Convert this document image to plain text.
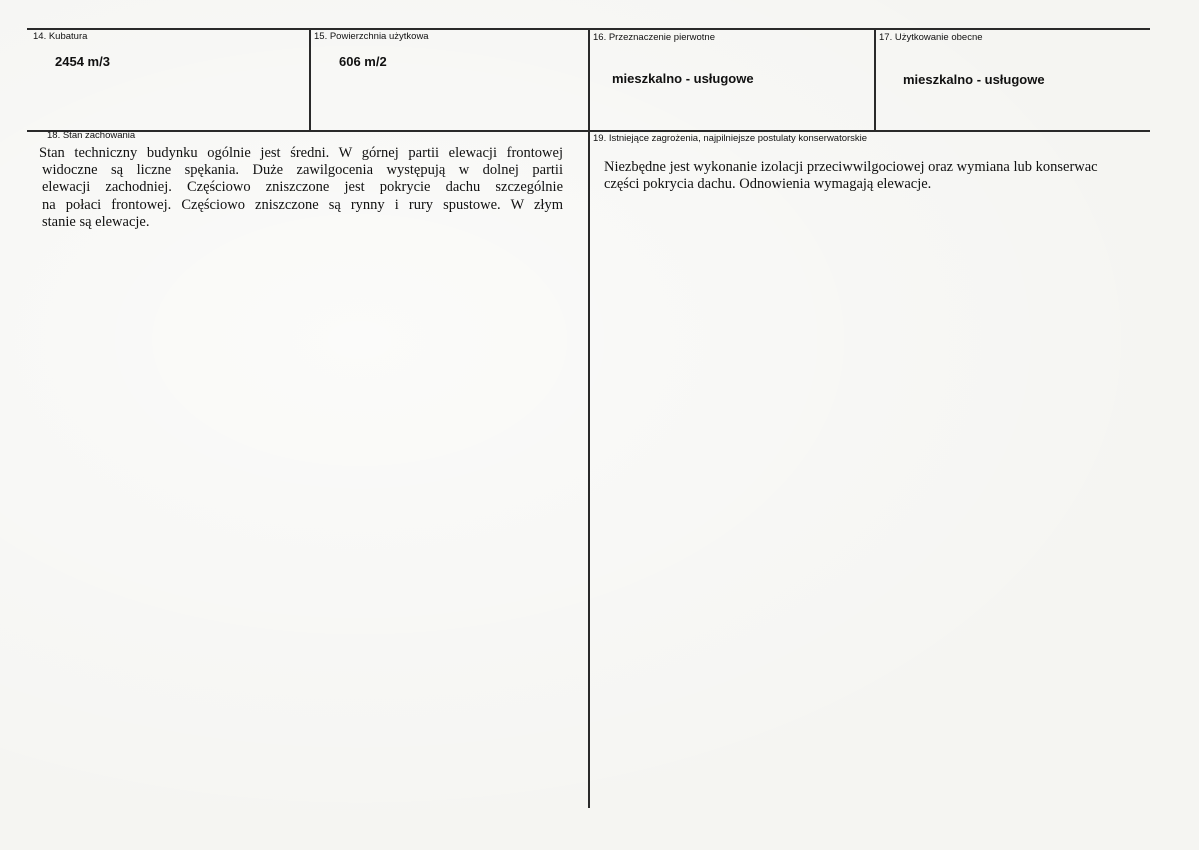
14. Kubatura
2454 m/3
15. Powierzchnia użytkowa
606 m/2
16. Przeznaczenie pierwotne
mieszkalno - usługowe
17. Użytkowanie obecne
mieszkalno - usługowe
18. Stan zachowania
Stan techniczny budynku ogólnie jest średni. W górnej partii elewacji frontowej
widoczne są liczne spękania. Duże zawilgocenia występują w dolnej partii
elewacji zachodniej. Częściowo zniszczone jest pokrycie dachu szczególnie
na połaci frontowej. Częściowo zniszczone są rynny i rury spustowe. W złym
stanie są elewacje.
19. Istniejące zagrożenia, najpilniejsze postulaty konserwatorskie
Niezbędne jest wykonanie izolacji przeciwwilgociowej oraz wymiana lub konserwac
części pokrycia dachu. Odnowienia wymagają elewacje.
